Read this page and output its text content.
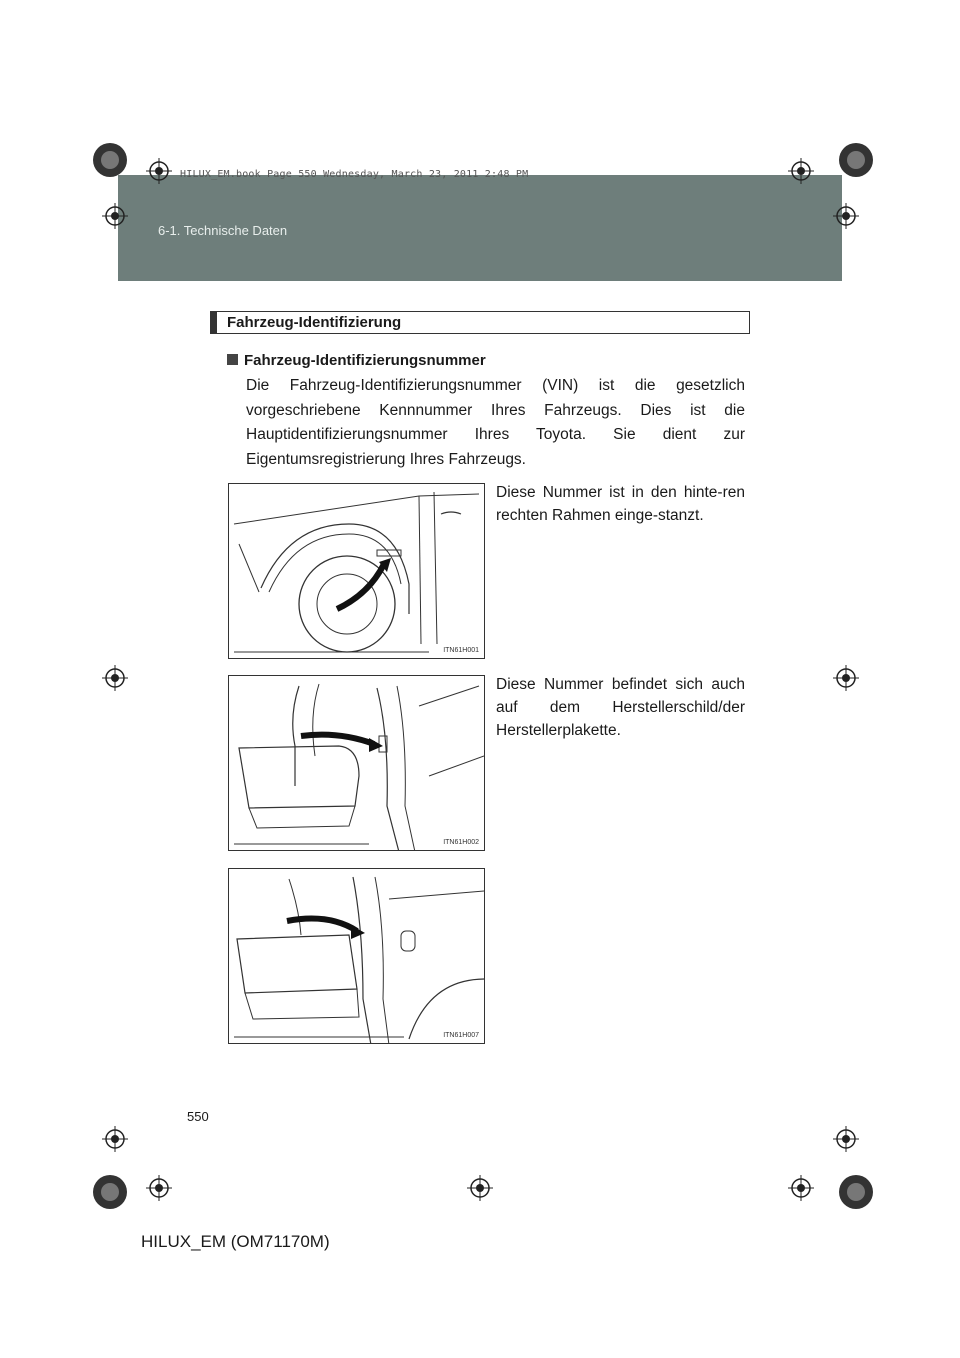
6-1. Technische Daten
HILUX_EM.book Page 550 Wednesday, March 23, 2011 2:48 PM
Fahrzeug-Identifizierung
Fahrzeug-Identifizierungsnummer

Die Fahrzeug-Identifizierungsnummer (VIN) ist die gesetzlich vorgeschriebene Kennnummer Ihres Fahrzeugs. Dies ist die Hauptidentifizierungsnummer Ihres Toyota. Sie dient zur Eigentumsregistrierung Ihres Fahrzeugs.

ITN61H001
Diese Nummer ist in den hinte-ren rechten Rahmen einge-stanzt.
ITN61H002
Diese Nummer befindet sich auch auf dem Herstellerschild/der Herstellerplakette.
ITN61H007
550
HILUX_EM (OM71170M)
